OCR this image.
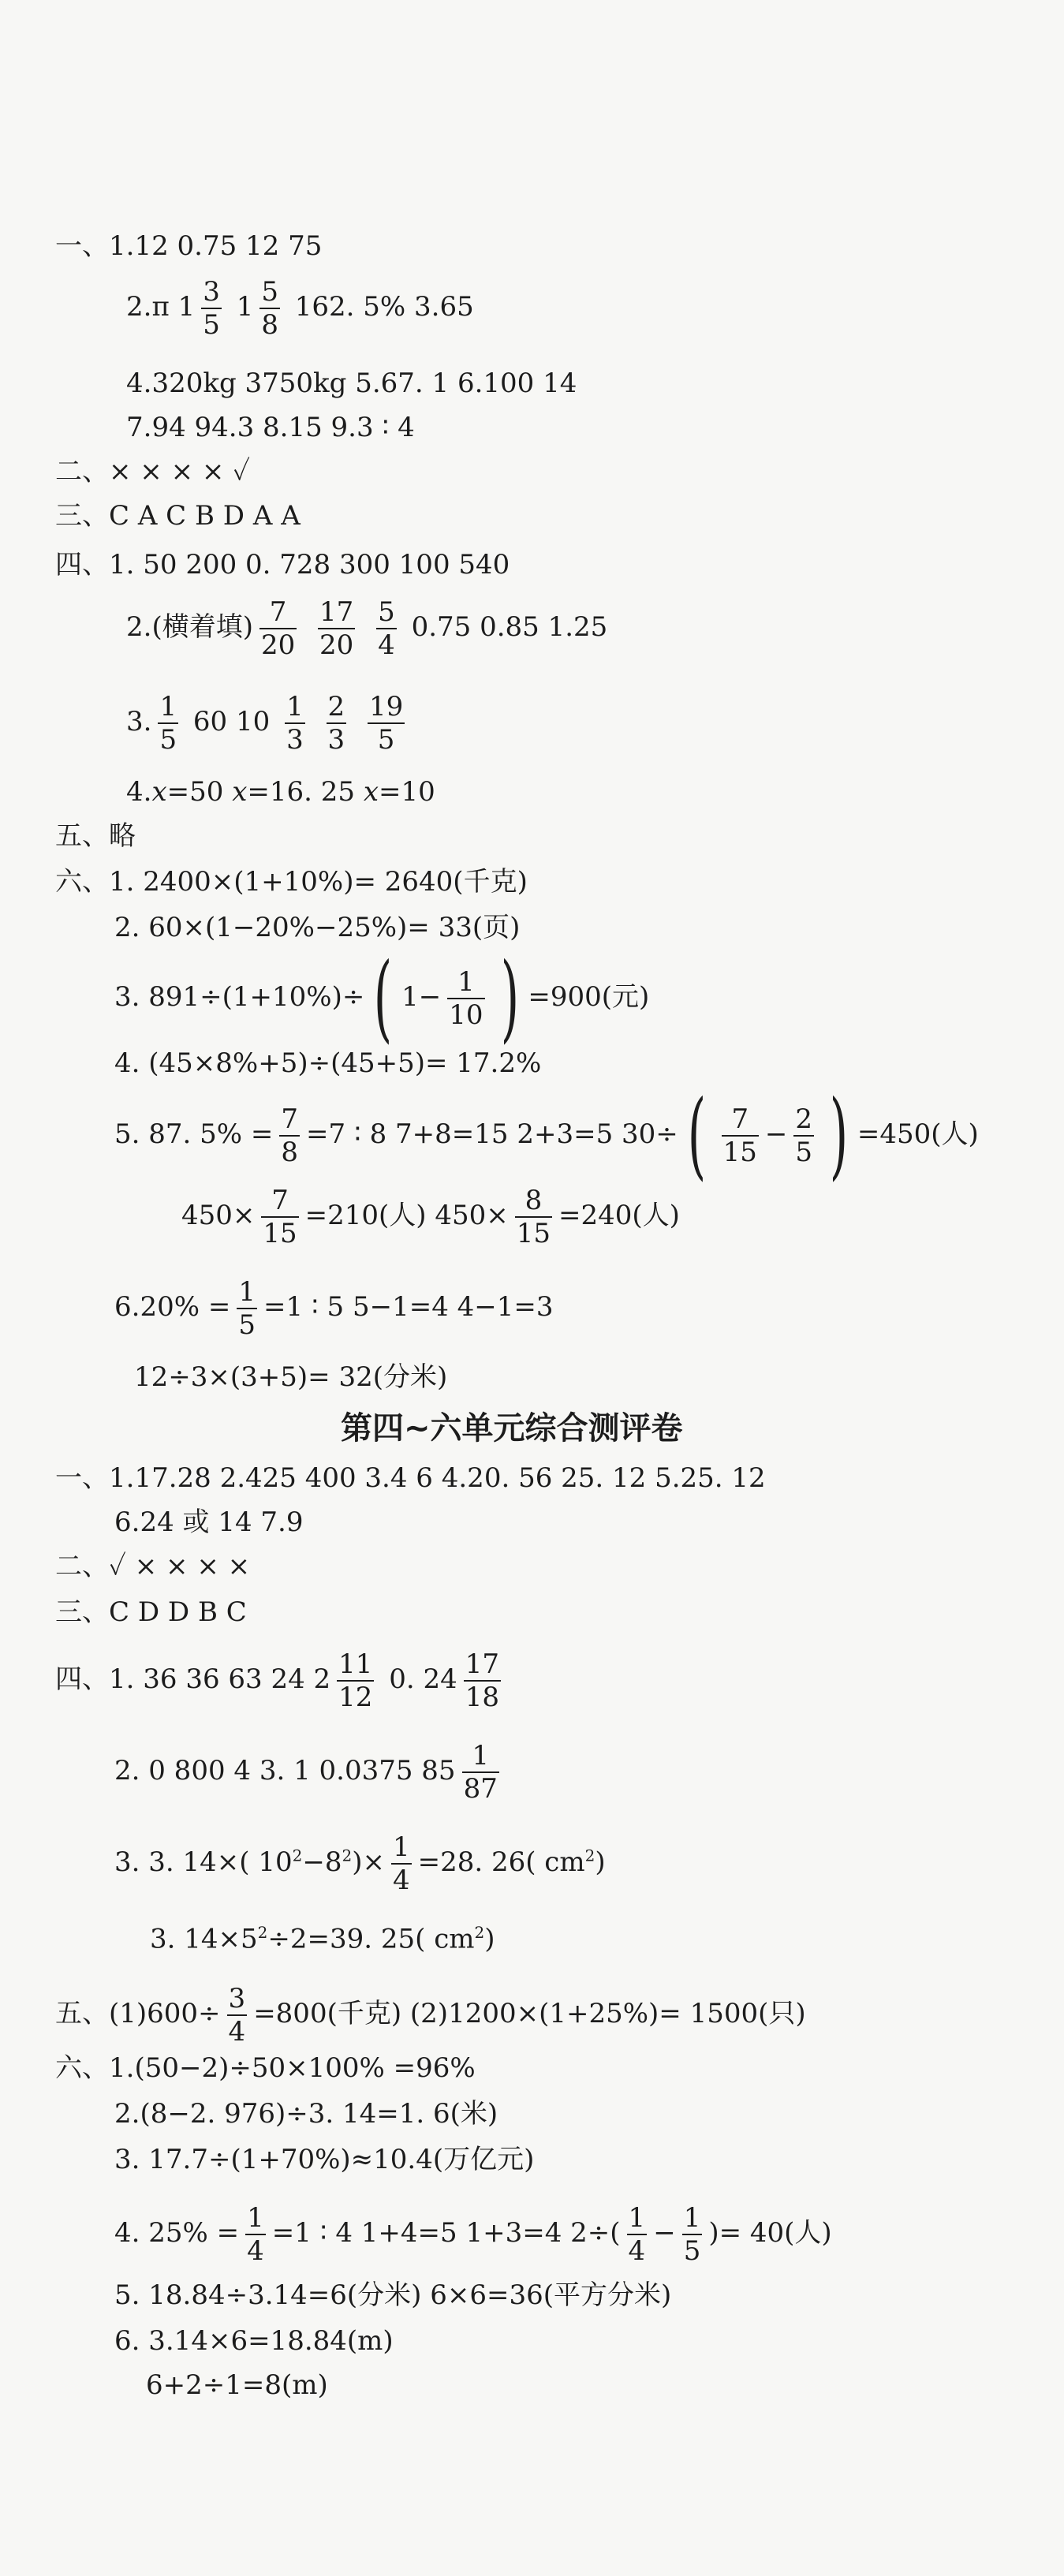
一、1.12 0.75 12 75
2.π $1 \frac{3}{5} 1 \frac{5}{8} 162$. 5% 3.65
4.320kg 3750kg 5.67. 1 6.100 14
7.94 94.3 8.15 9.3 ∶ 4
二、× × × × ✓
三、C A C B D A A
四、1. 50 200 0. 728 300 100 540
2.(横着填) $\frac{7}{20}$
$\frac{17}{20}$
$\frac{5}{4} 0.75$ 0.85 1.25
3. $\frac{1}{5} 60$ $10 \frac{1}{3}$
$\frac{2}{3}$
$\frac{19}{5}$
4.x=50 x=16. 25 x=10
五、略
六、1. 2400×(1+10%)= 2640(千克)
2. 60×(1−20%−25%)= 33(页)
3. 891÷(1+10%)÷( $1- \frac{1}{10}$ ) =900(元)
4. (45×8%+5)÷(45+5)= 17.2%
5. 87. $5\% = \frac{7}{8} =7$ ∶ 8 7+8=15 2+3=5 $30\div( \frac{7}{15} - \frac{2}{5}$ ) =450(人)
$450\times \frac{7}{15} =210$(人) $450\times \frac{8}{15} =240$(人)
$6.20\% = \frac{1}{5} =1$ ∶ 5 5−1=4 4−1=3
12÷3×(3+5)= 32(分米)
第四~六单元综合测评卷
一、1.17.28 2.425 400 3.4 6 4.20. 56 25. 12 5.25. 12
6.24 或 14 7.9
二、✓ × × × ×
三、C D D B C
四、1. 36 36 63 24 $2 \frac{11}{12} 0$. $24 \frac{17}{18}$
2. 0 800 4 3. 1 0.0375 $85 \frac{1}{87}$
3. 3. 14×( $10^2-8^2)\times \frac{1}{4} =28$. 26( $cm^2$)
3. $14\times 5^2\div 2=39$. 25( $cm^2$)
五、$(1)600\div \frac{3}{4} =800$(千克) (2)1200×(1+25%)= 1500(只)
六、1.(50−2)÷50×100% =96%
2.(8−2. 976)÷3. 14=1. 6(米)
3. 17.7÷(1+70%)≈10.4(万亿元)
4. $25\% = \frac{1}{4} =1$ ∶ 4 1+4=5 1+3=4 $2\div( \frac{1}{4} - \frac{1}{5}$ )= 40(人)
5. 18.84÷3.14=6(分米) 6×6=36(平方分米)
6. 3.14×6=18.84(m)
6+2÷1=8(m)
